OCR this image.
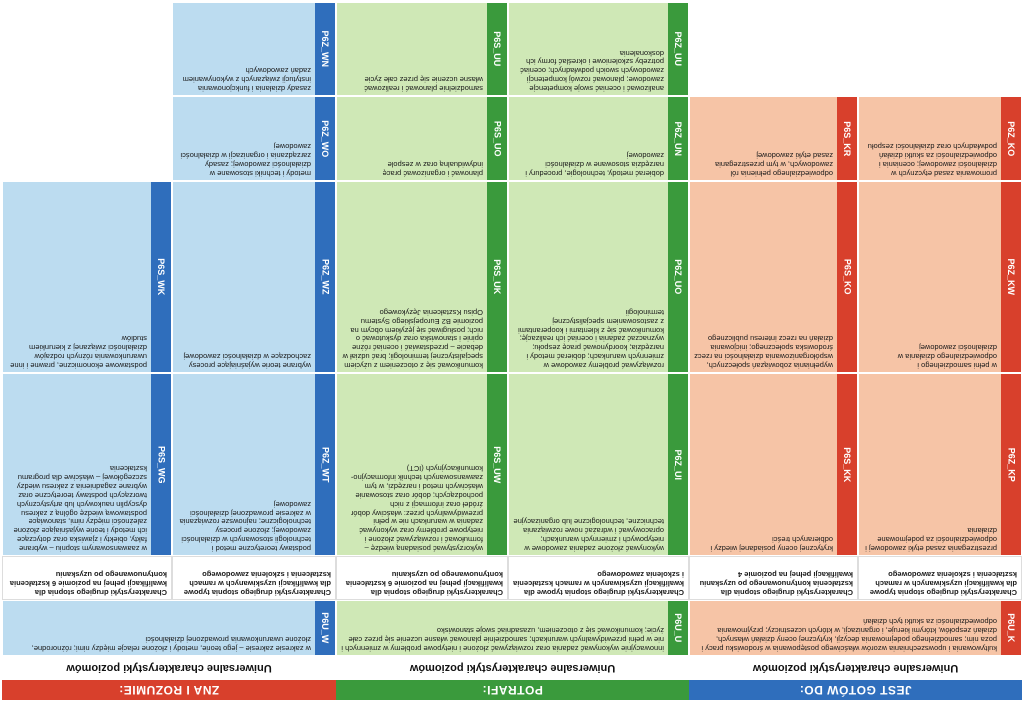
JEST GOTÓW DO:
POTRAFI:
ZNA I ROZUMIE:
Uniwersalne charakterystyki poziomów
Uniwersalne charakterystyki poziomów
Uniwersalne charakterystyki poziomów
P6U_K

kultywowania i upowszechniania wzorów właściwego postępowania w środowisku pracy i poza nim; samodzielnego podejmowania decyzji, krytycznej oceny działań własnych, działań zespołów, którymi kieruje, i organizacji, w których uczestniczy; przyjmowania odpowiedzialności za skutki tych działań

P6U_U

innowacyjnie wykonywać zadania oraz rozwiązywać złożone i nietypowe problemy w zmiennych i nie w pełni przewidywalnych warunkach; samodzielnie planować własne uczenie się przez całe życie; komunikować się z otoczeniem, uzasadniać swoje stanowisko

P6U_W

w zakresie zakresie – jego teorie, metody i złożone relacje między nimi; różnorodne, złożone uwarunkowania prowadzonej działalności

Charakterystyki drugiego stopnia typowe dla kwalifikacji uzyskiwanych w ramach kształcenia i szkolenia zawodowego
Charakterystyki drugiego stopnia dla kształcenia kontynuowanego po uzyskaniu kwalifikacji pełnej na poziomie 4
Charakterystyki drugiego stopnia typowe dla kwalifikacji uzyskiwanych w ramach kształcenia i szkolenia zawodowego
Charakterystyki drugiego stopnia dla kwalifikacji pełnej na poziomie 6 kształcenia kontynuowanego po uzyskaniu
Charakterystyki drugiego stopnia typowe dla kwalifikacji uzyskiwanych w ramach kształcenia i szkolenia zawodowego
Charakterystyki drugiego stopnia dla kwalifikacji pełnej na poziomie 6 kształcenia kontynuowanego po uzyskaniu
P6Z_KP

przestrzegania zasad etyki zawodowej i odpowiedzialności za podejmowane działania

P6S_KK

krytycznej oceny posiadanej wiedzy i odbieranych treści

P6Z_UI

wykonywać złożone zadania zawodowe w nietypowych i zmiennych warunkach; opracowywać i wdrażać nowe rozwiązania techniczne, technologiczne lub organizacyjne

P6S_UW

wykorzystywać posiadaną wiedzę – formułować i rozwiązywać złożone i nietypowe problemy oraz wykonywać zadania w warunkach nie w pełni przewidywalnych przez: właściwy dobór źródeł oraz informacji z nich pochodzących; dobór oraz stosowanie właściwych metod i narzędzi, w tym zaawansowanych technik informacyjno-komunikacyjnych (ICT)

P6Z_WT

podstawy teoretyczne metod i technologii stosowanych w działalności zawodowej; złożone procesy technologiczne; najnowsze rozwiązania w zakresie prowadzonej działalności zawodowej

P6S_WG

w zaawansowanym stopniu – wybrane fakty, obiekty i zjawiska oraz dotyczące ich metody i teorie wyjaśniające złożone zależności między nimi, stanowiące podstawową wiedzę ogólną z zakresu dyscyplin naukowych lub artystycznych tworzących podstawy teoretyczne oraz wybrane zagadnienia z zakresu wiedzy szczegółowej – właściwe dla programu kształcenia

P6Z_KW

w pełni samodzielnego i odpowiedzialnego działania w działalności zawodowej

P6S_KO

wypełniania zobowiązań społecznych, współorganizowania działalności na rzecz środowiska społecznego; inicjowania działań na rzecz interesu publicznego

P6Z_UO

rozwiązywać problemy zawodowe w zmiennych warunkach; dobierać metody i narzędzia; koordynować pracę zespołu; wyznaczać zadania i oceniać ich realizację; komunikować się z klientami i kooperantami z zastosowaniem specjalistycznej terminologii

P6S_UK

komunikować się z otoczeniem z użyciem specjalistycznej terminologii; brać udział w debacie – przedstawiać i oceniać różne opinie i stanowiska oraz dyskutować o nich; posługiwać się językiem obcym na poziomie B2 Europejskiego Systemu Opisu Kształcenia Językowego

P6Z_WZ

wybrane teorie wyjaśniające procesy zachodzące w działalności zawodowej

P6S_WK

podstawowe ekonomiczne, prawne i inne uwarunkowania różnych rodzajów działalności związanej z kierunkiem studiów

P6Z_KO

promowania zasad etycznych w działalności zawodowej; oceniania i odpowiedzialności za skutki działań podwładnych oraz działalności zespołu

P6S_KR

odpowiedzialnego pełnienia ról zawodowych, w tym przestrzegania zasad etyki zawodowej

P6Z_UN

dobierać metody, technologie, procedury i narzędzia stosowane w działalności zawodowej

P6S_UO

planować i organizować pracę indywidualną oraz w zespole

P6Z_WO

metody i techniki stosowane w działalności zawodowej; zasady zarządzania i organizacji w działalności zawodowej

P6Z_UU

analizować i oceniać swoje kompetencje zawodowe; planować rozwój kompetencji zawodowych swoich podwładnych; oceniać potrzeby szkoleniowe i określać formy ich doskonalenia

P6S_UU

samodzielnie planować i realizować własne uczenie się przez całe życie

P6Z_WN

zasady działania i funkcjonowania instytucji związanych z wykonywaniem zadań zawodowych
